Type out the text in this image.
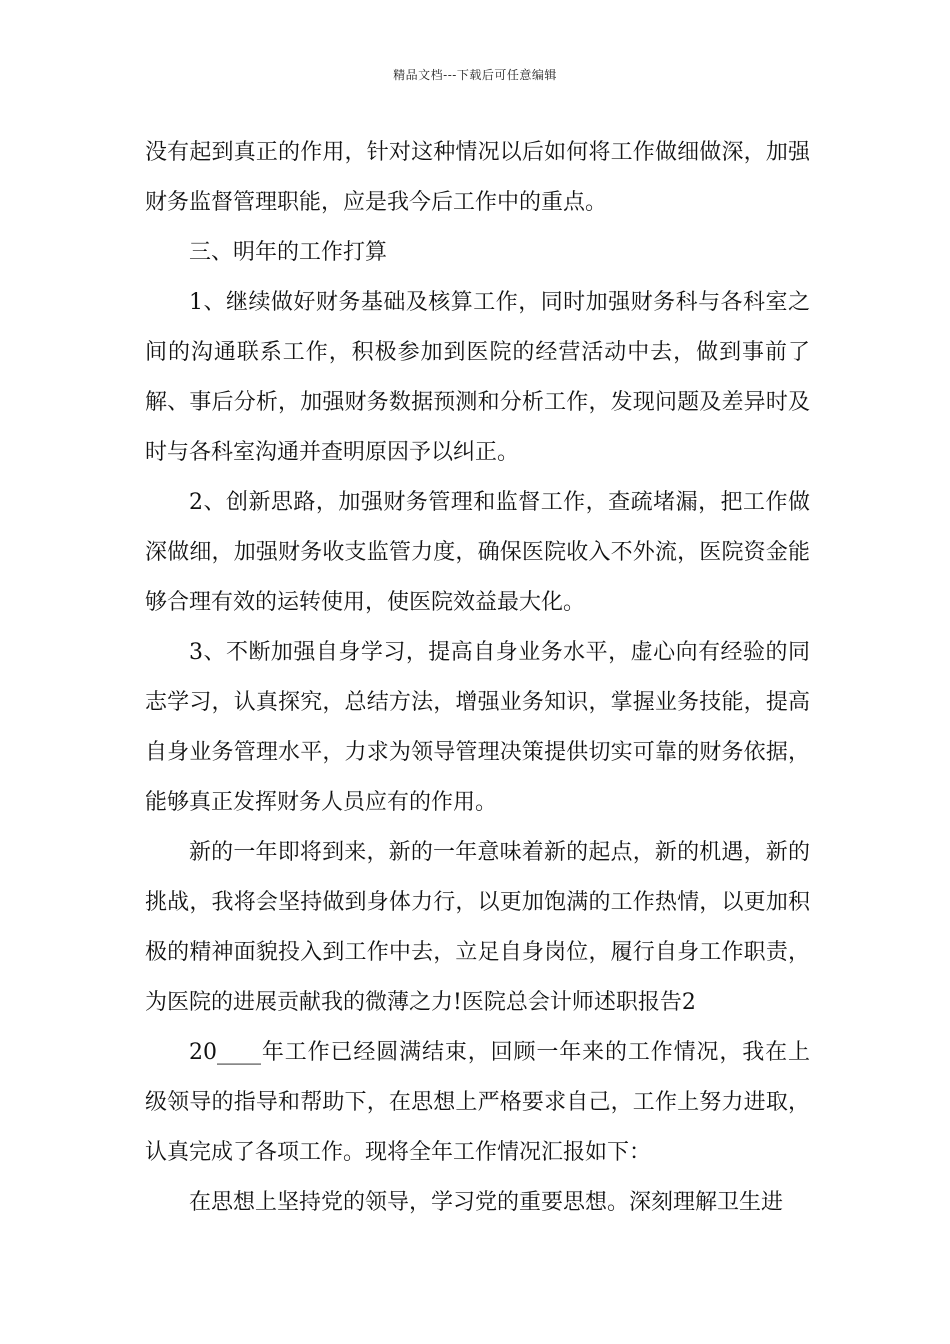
精品文档---下载后可任意编辑

没有起到真正的作用，针对这种情况以后如何将工作做细做深，加强财务监督管理职能，应是我今后工作中的重点。

三、明年的工作打算

1、继续做好财务基础及核算工作，同时加强财务科与各科室之间的沟通联系工作，积极参加到医院的经营活动中去，做到事前了解、事后分析，加强财务数据预测和分析工作，发现问题及差异时及时与各科室沟通并查明原因予以纠正。

2、创新思路，加强财务管理和监督工作，查疏堵漏，把工作做深做细，加强财务收支监管力度，确保医院收入不外流，医院资金能够合理有效的运转使用，使医院效益最大化。

3、不断加强自身学习，提高自身业务水平，虚心向有经验的同志学习，认真探究，总结方法，增强业务知识，掌握业务技能，提高自身业务管理水平，力求为领导管理决策提供切实可靠的财务依据，能够真正发挥财务人员应有的作用。

新的一年即将到来，新的一年意味着新的起点，新的机遇，新的挑战，我将会坚持做到身体力行，以更加饱满的工作热情，以更加积极的精神面貌投入到工作中去，立足自身岗位，履行自身工作职责，为医院的进展贡献我的微薄之力!医院总会计师述职报告2

20____年工作已经圆满结束，回顾一年来的工作情况，我在上级领导的指导和帮助下，在思想上严格要求自己，工作上努力进取，认真完成了各项工作。现将全年工作情况汇报如下：

在思想上坚持党的领导，学习党的重要思想。深刻理解卫生进
